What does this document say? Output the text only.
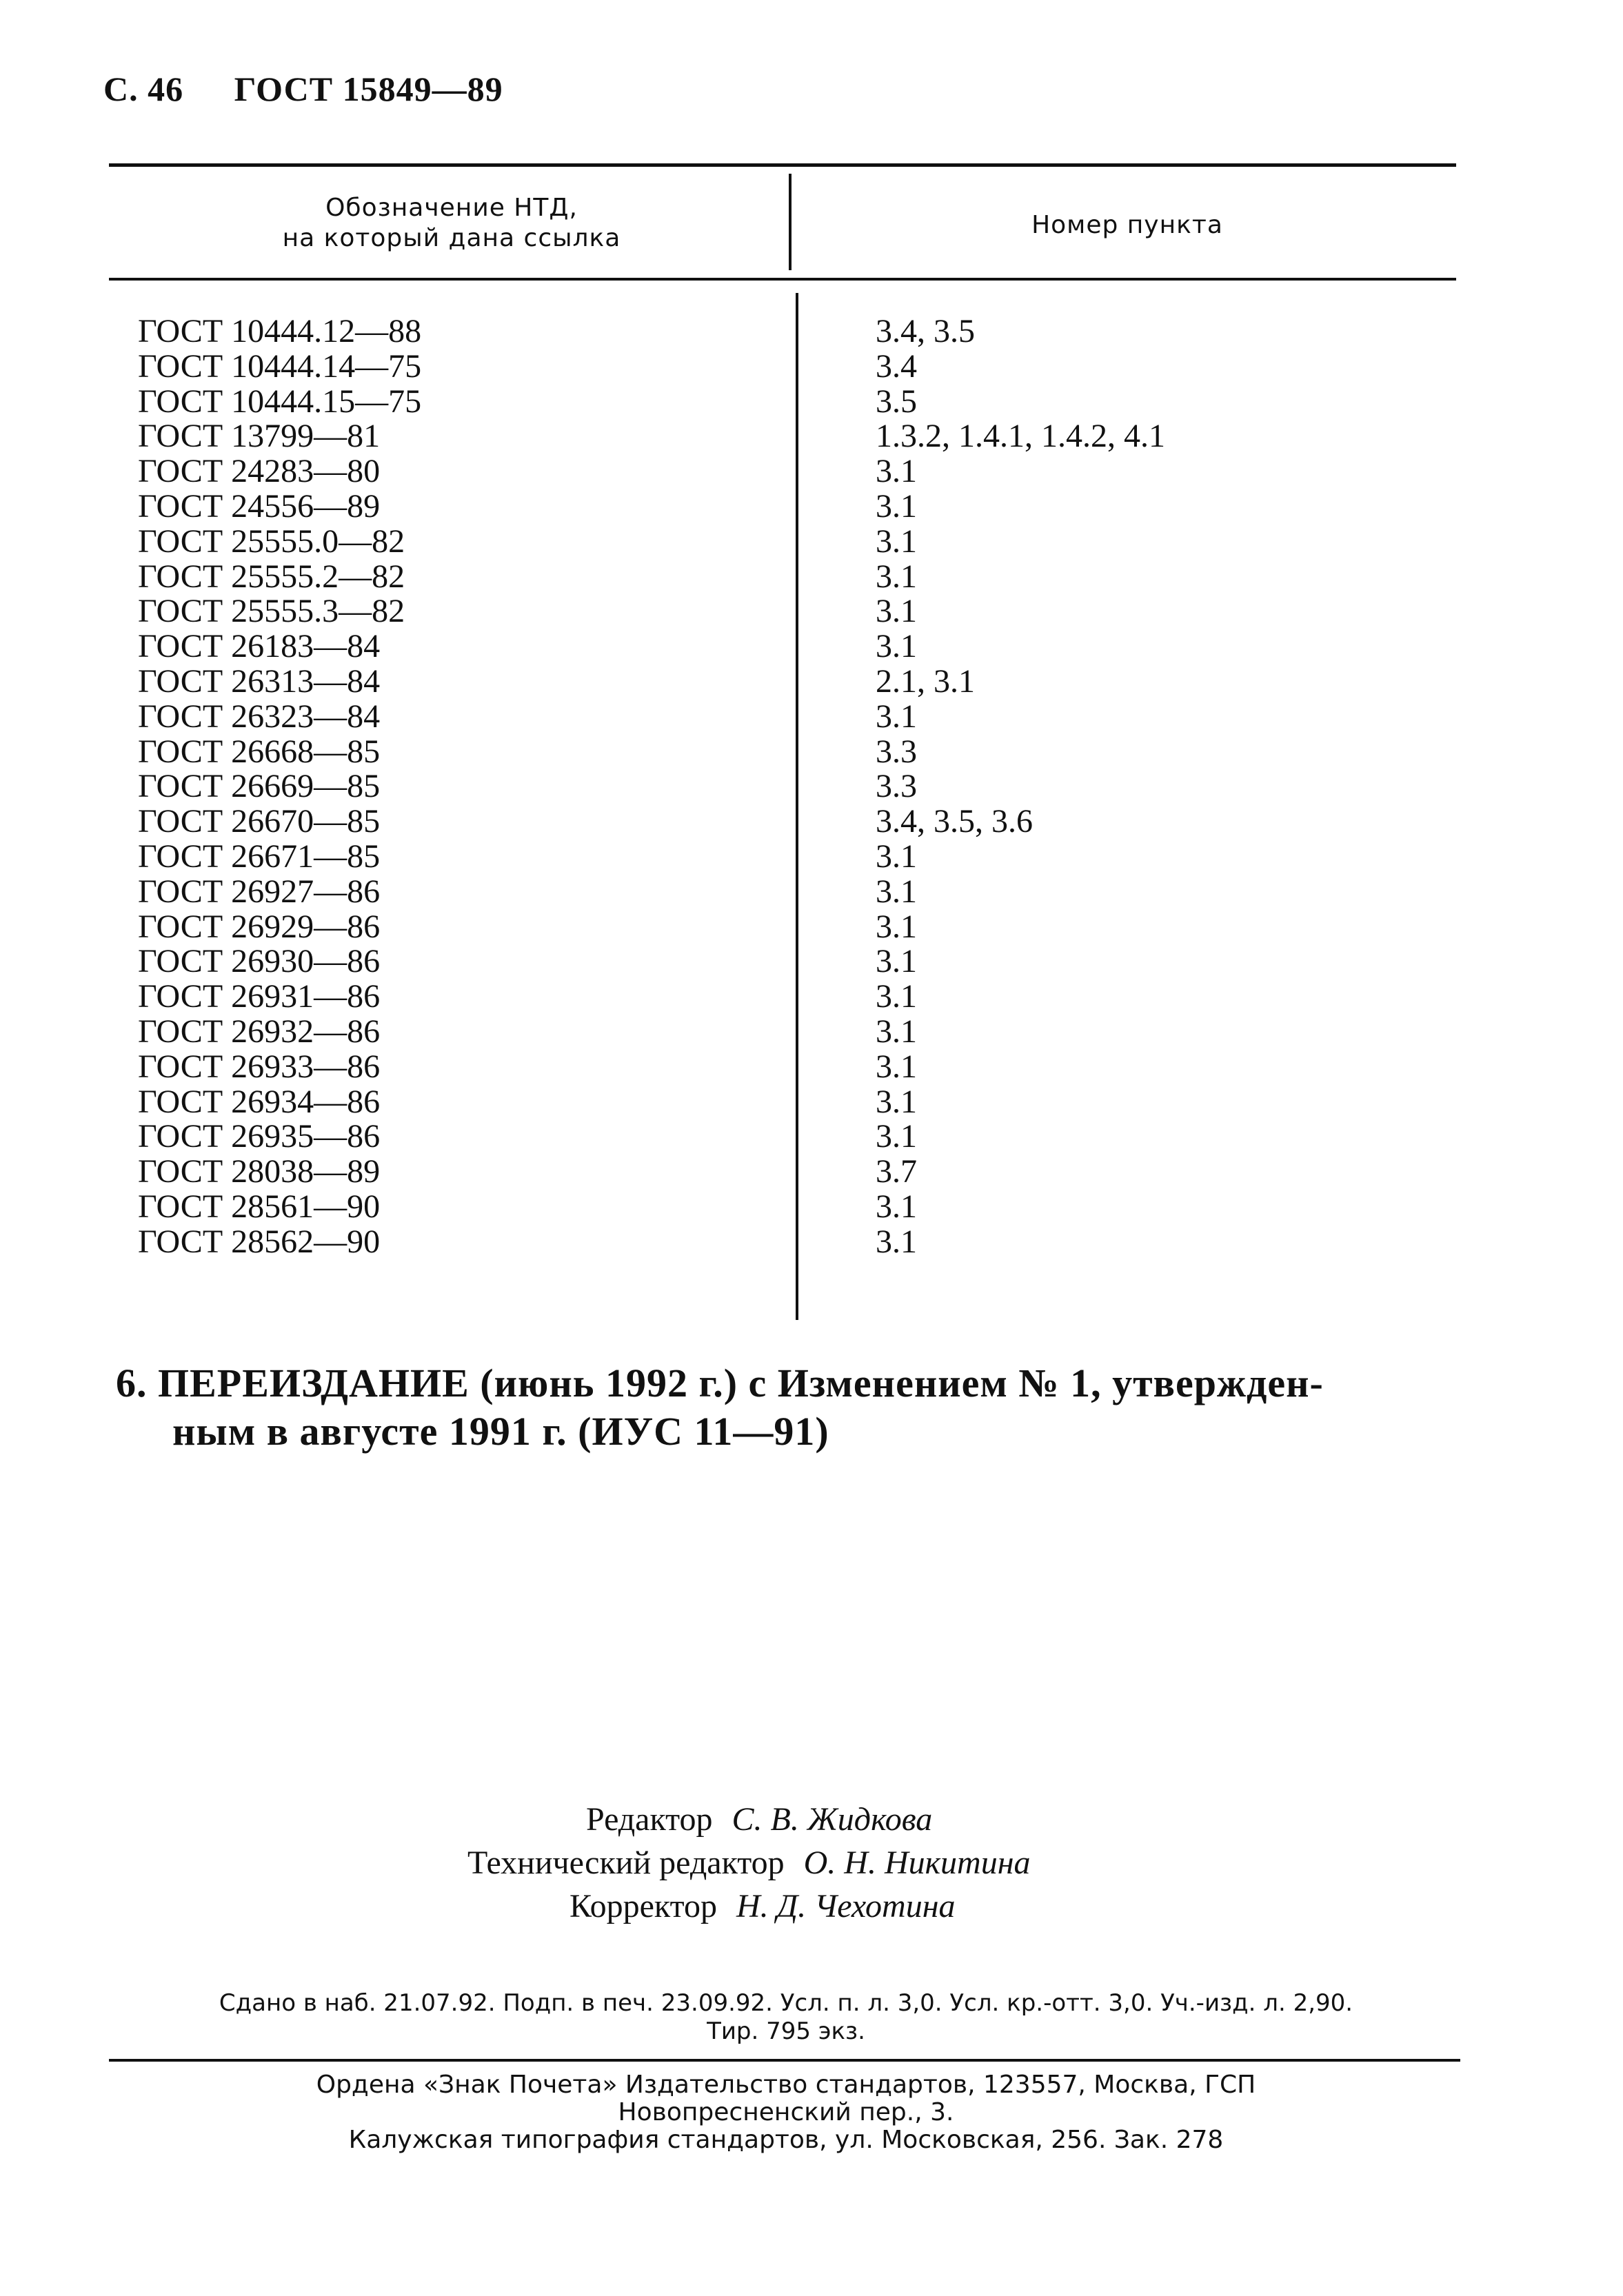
С. 46 ГОСТ 15849—89
Обозначение НТД,
на который дана ссылка	Номер пункта
ГОСТ 10444.12—88	3.4, 3.5
ГОСТ 10444.14—75	3.4
ГОСТ 10444.15—75	3.5
ГОСТ 13799—81	1.3.2, 1.4.1, 1.4.2, 4.1
ГОСТ 24283—80	3.1
ГОСТ 24556—89	3.1
ГОСТ 25555.0—82	3.1
ГОСТ 25555.2—82	3.1
ГОСТ 25555.3—82	3.1
ГОСТ 26183—84	3.1
ГОСТ 26313—84	2.1, 3.1
ГОСТ 26323—84	3.1
ГОСТ 26668—85	3.3
ГОСТ 26669—85	3.3
ГОСТ 26670—85	3.4, 3.5, 3.6
ГОСТ 26671—85	3.1
ГОСТ 26927—86	3.1
ГОСТ 26929—86	3.1
ГОСТ 26930—86	3.1
ГОСТ 26931—86	3.1
ГОСТ 26932—86	3.1
ГОСТ 26933—86	3.1
ГОСТ 26934—86	3.1
ГОСТ 26935—86	3.1
ГОСТ 28038—89	3.7
ГОСТ 28561—90	3.1
ГОСТ 28562—90	3.1
6. ПЕРЕИЗДАНИЕ (июнь 1992 г.) с Изменением № 1, утвержден-
ным в августе 1991 г. (ИУС 11—91)
Редактор С. В. Жидкова
Технический редактор О. Н. Никитина
Корректор Н. Д. Чехотина
Сдано в наб. 21.07.92. Подп. в печ. 23.09.92. Усл. п. л. 3,0. Усл. кр.-отт. 3,0. Уч.-изд. л. 2,90.
Тир. 795 экз.
Ордена «Знак Почета» Издательство стандартов, 123557, Москва, ГСП
Новопресненский пер., 3.
Калужская типография стандартов, ул. Московская, 256. Зак. 278
